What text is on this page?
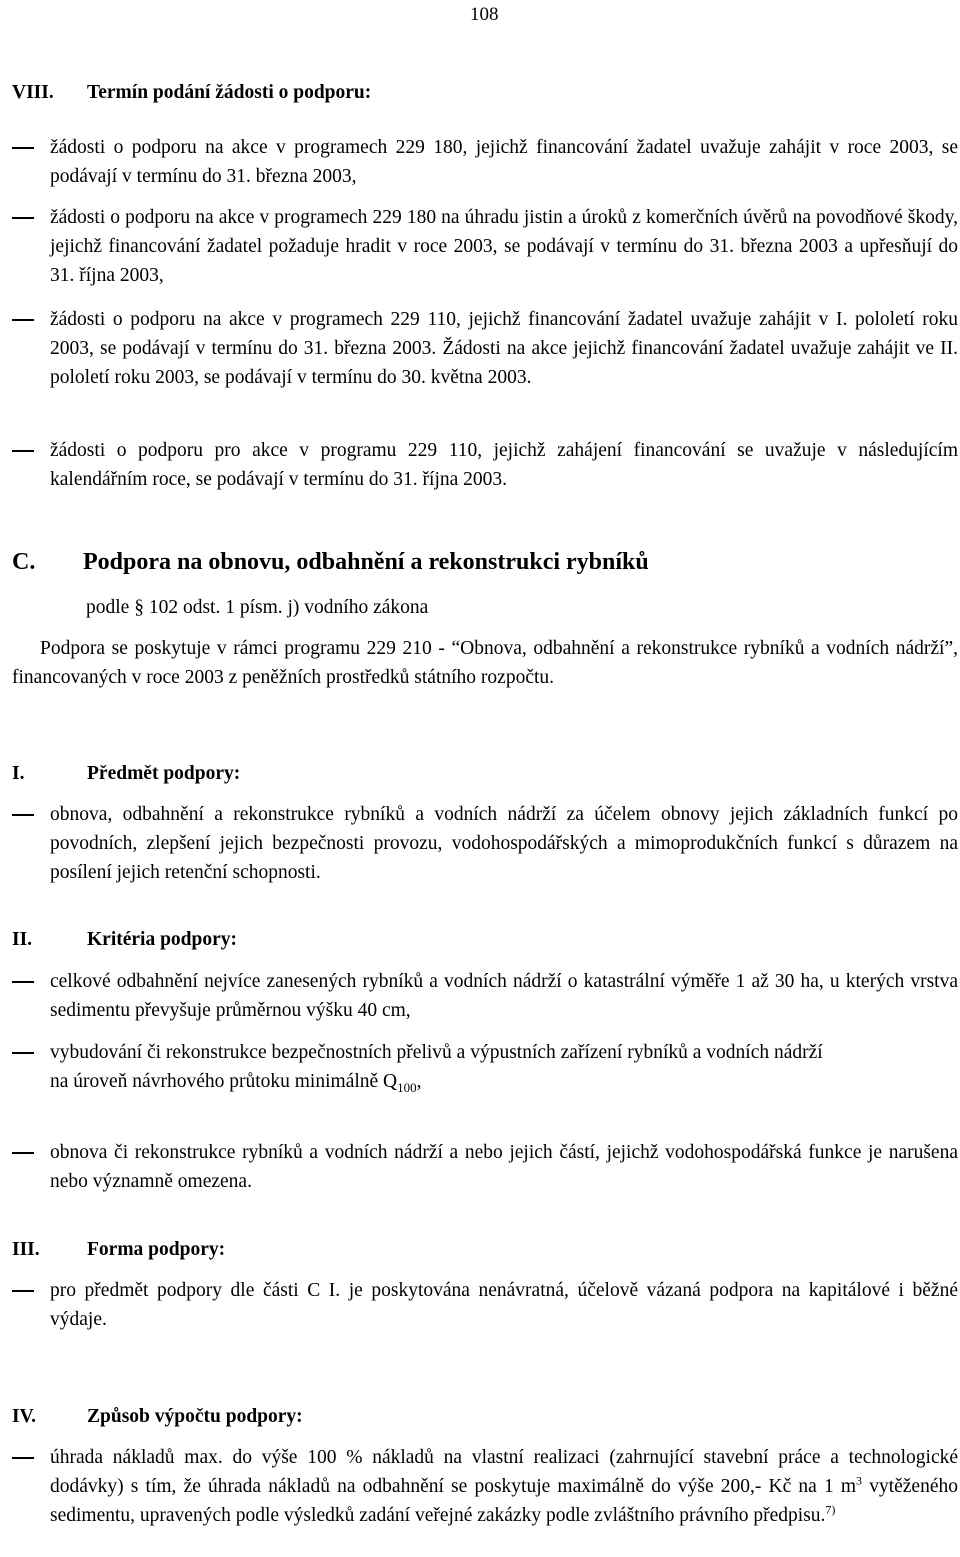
108
VIII. Termín podání žádosti o podporu:
žádosti o podporu na akce v programech 229 180, jejichž financování žadatel uvažuje zahájit v roce 2003, se podávají v termínu do 31. března 2003,
žádosti o podporu na akce v programech 229 180 na úhradu jistin a úroků z komerčních úvěrů na povodňové škody, jejichž financování žadatel požaduje hradit v roce 2003, se podávají v termínu do 31. března 2003 a upřesňují do 31. října 2003,
žádosti o podporu na akce v programech 229 110, jejichž financování žadatel uvažuje zahájit v I. pololetí roku 2003, se podávají v termínu do 31. března 2003. Žádosti na akce jejichž financování žadatel uvažuje zahájit ve II. pololetí roku 2003, se podávají v termínu do 30. května 2003.
žádosti o podporu pro akce v programu 229 110, jejichž zahájení financování se uvažuje v následujícím kalendářním roce, se podávají v termínu do 31. října 2003.
C. Podpora na obnovu, odbahnění a rekonstrukci rybníků
podle § 102 odst. 1 písm. j) vodního zákona
Podpora se poskytuje v rámci programu 229 210 - “Obnova, odbahnění a rekonstrukce rybníků a vodních nádrží”, financovaných v roce 2003 z peněžních prostředků státního rozpočtu.
I.	Předmět podpory:
obnova, odbahnění a rekonstrukce rybníků a vodních nádrží za účelem obnovy jejich základních funkcí po povodních, zlepšení jejich bezpečnosti provozu, vodohospodářských a mimoprodukčních funkcí s důrazem na posílení jejich retenční schopnosti.
II.	Kritéria podpory:
celkové odbahnění nejvíce zanesených rybníků a vodních nádrží o katastrální výměře 1 až 30 ha, u kterých vrstva sedimentu převyšuje průměrnou výšku 40 cm,
vybudování či rekonstrukce bezpečnostních přelivů a výpustních zařízení rybníků a vodních nádrží
na úroveň návrhového průtoku minimálně $Q_{100}$,
obnova či rekonstrukce rybníků a vodních nádrží a nebo jejich částí, jejichž vodohospodářská funkce je narušena nebo významně omezena.
III. Forma podpory:
pro předmět podpory dle části C I. je poskytována nenávratná, účelově vázaná podpora na kapitálové i běžné výdaje.
IV.	Způsob výpočtu podpory:
úhrada nákladů max. do výše 100 % nákladů na vlastní realizaci (zahrnující stavební práce a technologické dodávky) s tím, že úhrada nákladů na odbahnění se poskytuje maximálně do výše 200,- Kč na 1 $m^3$ vytěženého sedimentu, upravených podle výsledků zadání veřejné zakázky podle zvláštního právního předpisu.$^{7)}$
